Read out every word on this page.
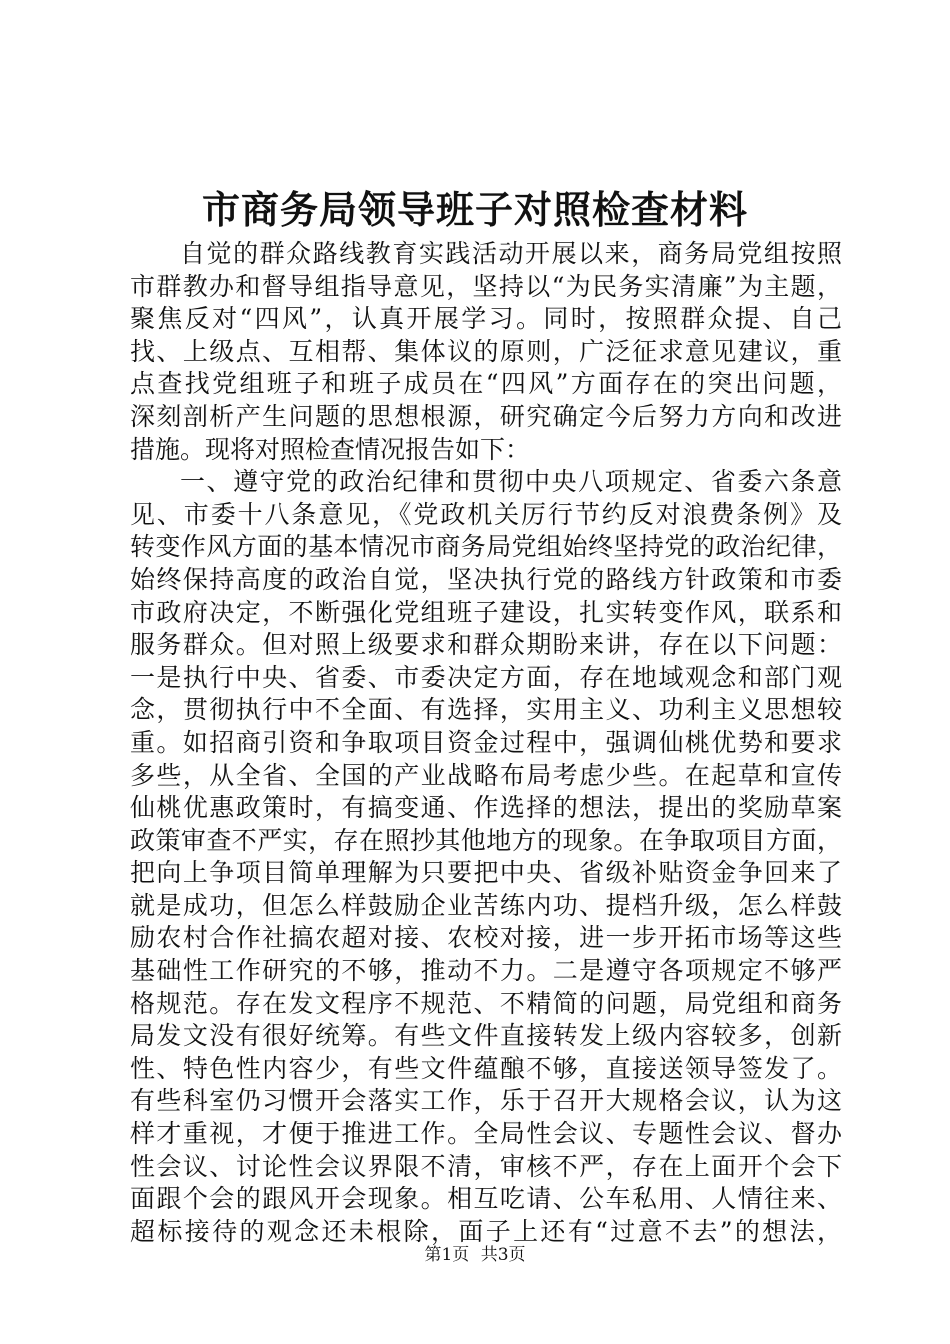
市商务局领导班子对照检查材料
自觉的群众路线教育实践活动开展以来，商务局党组按照
市群教办和督导组指导意见，坚持以“为民务实清廉”为主题，
聚焦反对“四风”，认真开展学习。同时，按照群众提、自己
找、上级点、互相帮、集体议的原则，广泛征求意见建议，重
点查找党组班子和班子成员在“四风”方面存在的突出问题，
深刻剖析产生问题的思想根源，研究确定今后努力方向和改进
措施。现将对照检查情况报告如下：
一、遵守党的政治纪律和贯彻中央八项规定、省委六条意
见、市委十八条意见，《党政机关厉行节约反对浪费条例》及
转变作风方面的基本情况市商务局党组始终坚持党的政治纪律，
始终保持高度的政治自觉，坚决执行党的路线方针政策和市委
市政府决定，不断强化党组班子建设，扎实转变作风，联系和
服务群众。但对照上级要求和群众期盼来讲，存在以下问题：
一是执行中央、省委、市委决定方面，存在地域观念和部门观
念，贯彻执行中不全面、有选择，实用主义、功利主义思想较
重。如招商引资和争取项目资金过程中，强调仙桃优势和要求
多些，从全省、全国的产业战略布局考虑少些。在起草和宣传
仙桃优惠政策时，有搞变通、作选择的想法，提出的奖励草案
政策审查不严实，存在照抄其他地方的现象。在争取项目方面，
把向上争项目简单理解为只要把中央、省级补贴资金争回来了
就是成功，但怎么样鼓励企业苦练内功、提档升级，怎么样鼓
励农村合作社搞农超对接、农校对接，进一步开拓市场等这些
基础性工作研究的不够，推动不力。二是遵守各项规定不够严
格规范。存在发文程序不规范、不精简的问题，局党组和商务
局发文没有很好统筹。有些文件直接转发上级内容较多，创新
性、特色性内容少，有些文件蕴酿不够，直接送领导签发了。
有些科室仍习惯开会落实工作，乐于召开大规格会议，认为这
样才重视，才便于推进工作。全局性会议、专题性会议、督办
性会议、讨论性会议界限不清，审核不严，存在上面开个会下
面跟个会的跟风开会现象。相互吃请、公车私用、人情往来、
超标接待的观念还未根除，面子上还有“过意不去”的想法，
第1页 共3页
